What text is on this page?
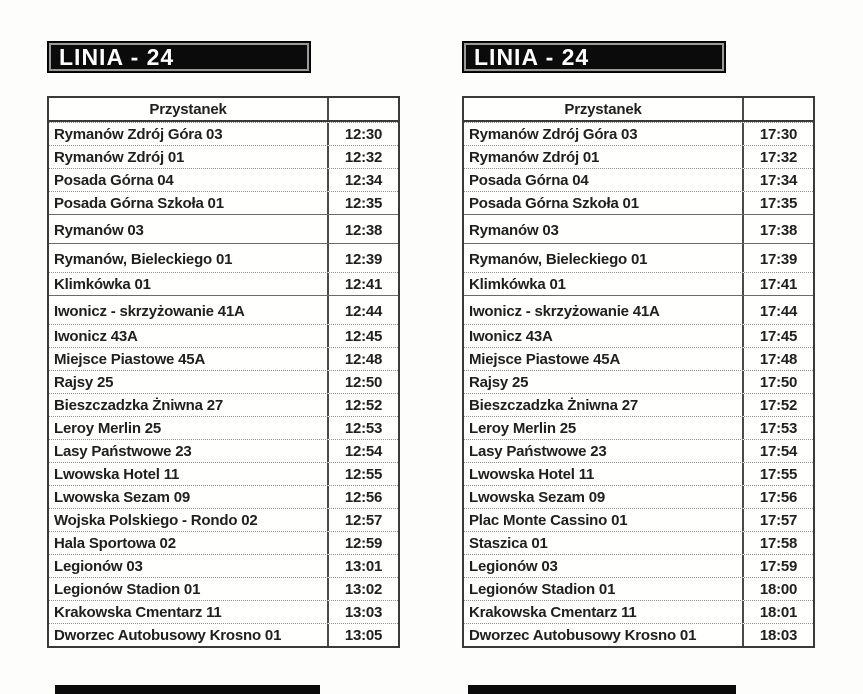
LINIA - 24
Przystanek
Rymanów Zdrój Góra 03	12:30
Rymanów Zdrój 01	12:32
Posada Górna 04	12:34
Posada Górna Szkoła 01	12:35
Rymanów 03	12:38
Rymanów, Bieleckiego 01	12:39
Klimkówka 01	12:41
Iwonicz - skrzyżowanie 41A	12:44
Iwonicz 43A	12:45
Miejsce Piastowe 45A	12:48
Rajsy 25	12:50
Bieszczadzka Żniwna 27	12:52
Leroy Merlin 25	12:53
Lasy Państwowe 23	12:54
Lwowska Hotel 11	12:55
Lwowska Sezam 09	12:56
Wojska Polskiego - Rondo 02	12:57
Hala Sportowa 02	12:59
Legionów 03	13:01
Legionów Stadion 01	13:02
Krakowska Cmentarz 11	13:03
Dworzec Autobusowy Krosno 01	13:05
LINIA - 24
Przystanek
Rymanów Zdrój Góra 03	17:30
Rymanów Zdrój 01	17:32
Posada Górna 04	17:34
Posada Górna Szkoła 01	17:35
Rymanów 03	17:38
Rymanów, Bieleckiego 01	17:39
Klimkówka 01	17:41
Iwonicz - skrzyżowanie 41A	17:44
Iwonicz 43A	17:45
Miejsce Piastowe 45A	17:48
Rajsy 25	17:50
Bieszczadzka Żniwna 27	17:52
Leroy Merlin 25	17:53
Lasy Państwowe 23	17:54
Lwowska Hotel 11	17:55
Lwowska Sezam 09	17:56
Plac Monte Cassino 01	17:57
Staszica 01	17:58
Legionów 03	17:59
Legionów Stadion 01	18:00
Krakowska Cmentarz 11	18:01
Dworzec Autobusowy Krosno 01	18:03
